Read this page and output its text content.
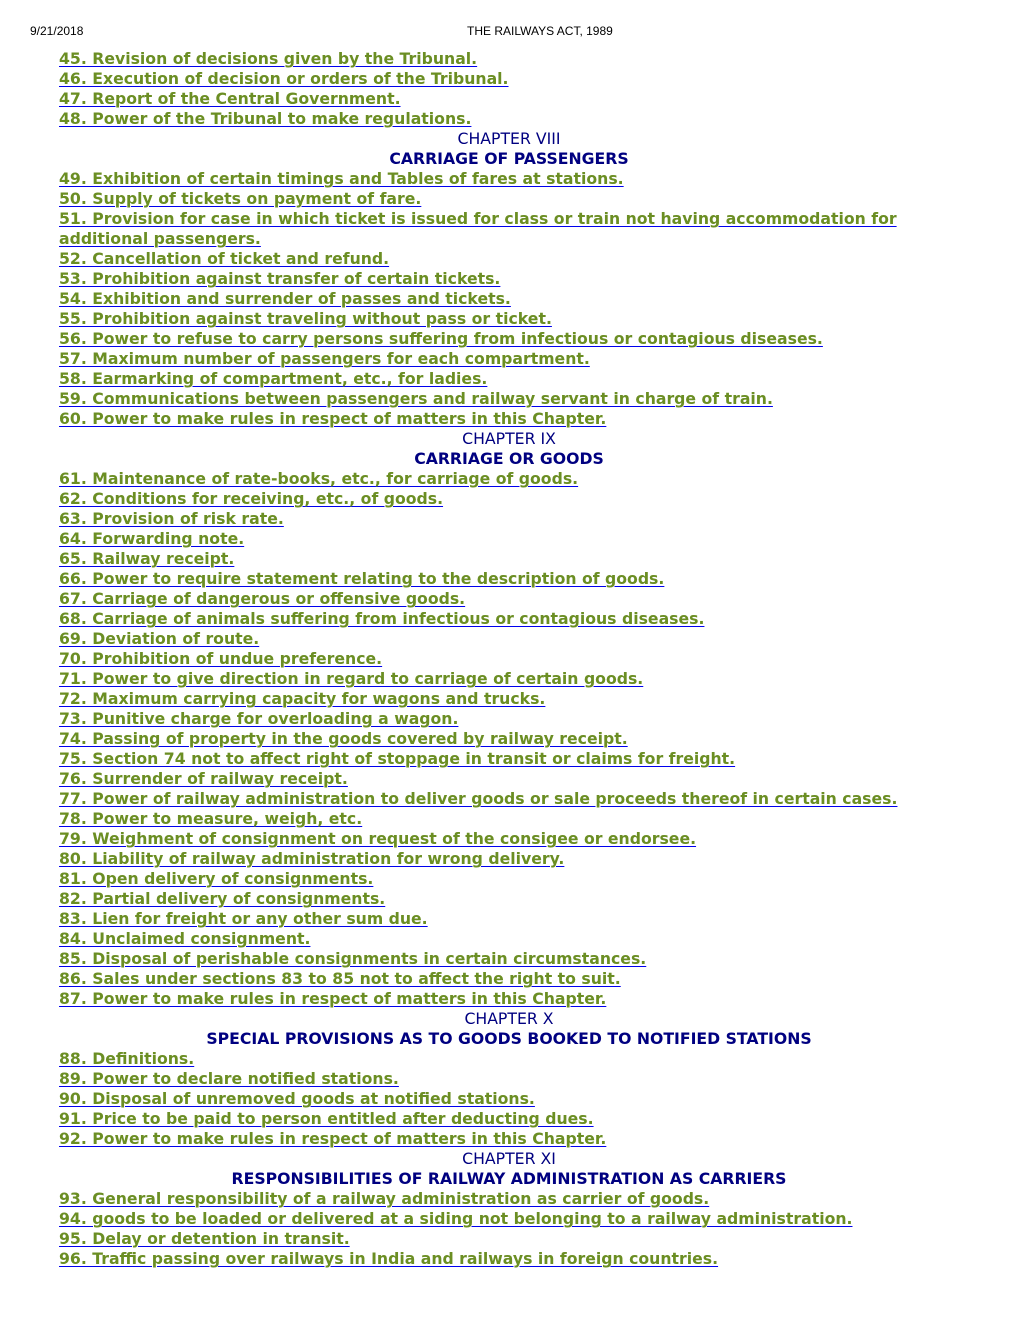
9/21/2018	THE RAILWAYS ACT, 1989
45. Revision of decisions given by the Tribunal.
46. Execution of decision or orders of the Tribunal.
47. Report of the Central Government.
48. Power of the Tribunal to make regulations.
CHAPTER VIII
CARRIAGE OF PASSENGERS
49. Exhibition of certain timings and Tables of fares at stations.
50. Supply of tickets on payment of fare.
51. Provision for case in which ticket is issued for class or train not having accommodation for additional passengers.
52. Cancellation of ticket and refund.
53. Prohibition against transfer of certain tickets.
54. Exhibition and surrender of passes and tickets.
55. Prohibition against traveling without pass or ticket.
56. Power to refuse to carry persons suffering from infectious or contagious diseases.
57. Maximum number of passengers for each compartment.
58. Earmarking of compartment, etc., for ladies.
59. Communications between passengers and railway servant in charge of train.
60. Power to make rules in respect of matters in this Chapter.
CHAPTER IX
CARRIAGE OR GOODS
61. Maintenance of rate-books, etc., for carriage of goods.
62. Conditions for receiving, etc., of goods.
63. Provision of risk rate.
64. Forwarding note.
65. Railway receipt.
66. Power to require statement relating to the description of goods.
67. Carriage of dangerous or offensive goods.
68. Carriage of animals suffering from infectious or contagious diseases.
69. Deviation of route.
70. Prohibition of undue preference.
71. Power to give direction in regard to carriage of certain goods.
72. Maximum carrying capacity for wagons and trucks.
73. Punitive charge for overloading a wagon.
74. Passing of property in the goods covered by railway receipt.
75. Section 74 not to affect right of stoppage in transit or claims for freight.
76. Surrender of railway receipt.
77. Power of railway administration to deliver goods or sale proceeds thereof in certain cases.
78. Power to measure, weigh, etc.
79. Weighment of consignment on request of the consigee or endorsee.
80. Liability of railway administration for wrong delivery.
81. Open delivery of consignments.
82. Partial delivery of consignments.
83. Lien for freight or any other sum due.
84. Unclaimed consignment.
85. Disposal of perishable consignments in certain circumstances.
86. Sales under sections 83 to 85 not to affect the right to suit.
87. Power to make rules in respect of matters in this Chapter.
CHAPTER X
SPECIAL PROVISIONS AS TO GOODS BOOKED TO NOTIFIED STATIONS
88. Definitions.
89. Power to declare notified stations.
90. Disposal of unremoved goods at notified stations.
91. Price to be paid to person entitled after deducting dues.
92. Power to make rules in respect of matters in this Chapter.
CHAPTER XI
RESPONSIBILITIES OF RAILWAY ADMINISTRATION AS CARRIERS
93. General responsibility of a railway administration as carrier of goods.
94. goods to be loaded or delivered at a siding not belonging to a railway administration.
95. Delay or detention in transit.
96. Traffic passing over railways in India and railways in foreign countries.
